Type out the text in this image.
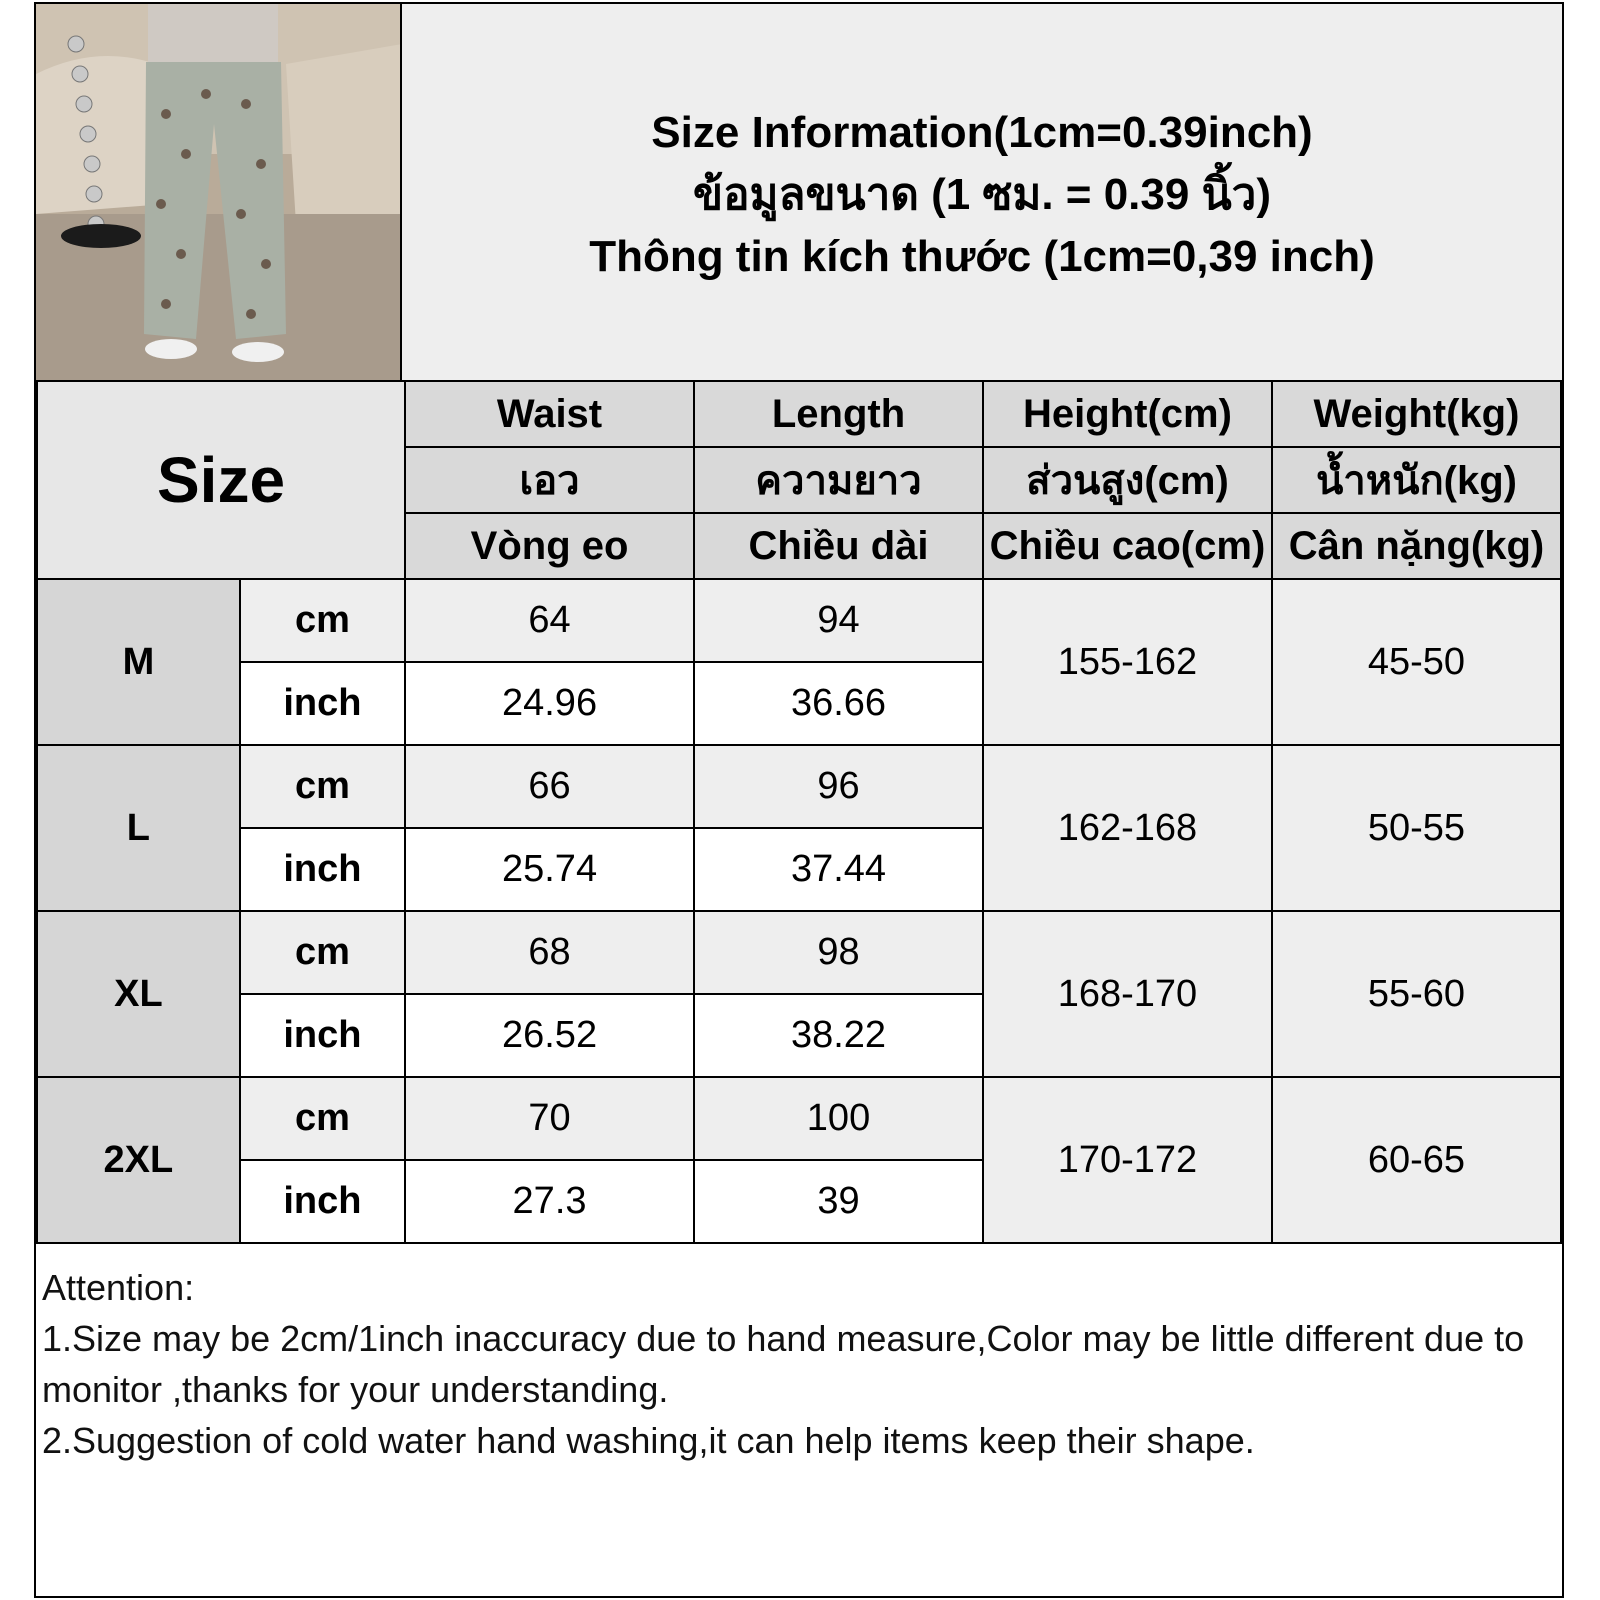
Size Information(1cm=0.39inch)
ข้อมูลขนาด (1 ซม. = 0.39 นิ้ว)
Thông tin kích thước (1cm=0,39 inch)
Size		Waist	Length	Height(cm)	Weight(kg)
		เอว	ความยาว	ส่วนสูง(cm)	น้ำหนัก(kg)
		Vòng eo	Chiều dài	Chiều cao(cm)	Cân nặng(kg)
M	cm	64	94	155-162	45-50
	inch	24.96	36.66		
L	cm	66	96	162-168	50-55
	inch	25.74	37.44		
XL	cm	68	98	168-170	55-60
	inch	26.52	38.22		
2XL	cm	70	100	170-172	60-65
	inch	27.3	39		

Attention:

1.Size may be 2cm/1inch inaccuracy due to hand measure,Color may be little different due to monitor ,thanks for your understanding.

2.Suggestion of cold water hand washing,it can help items keep their shape.
